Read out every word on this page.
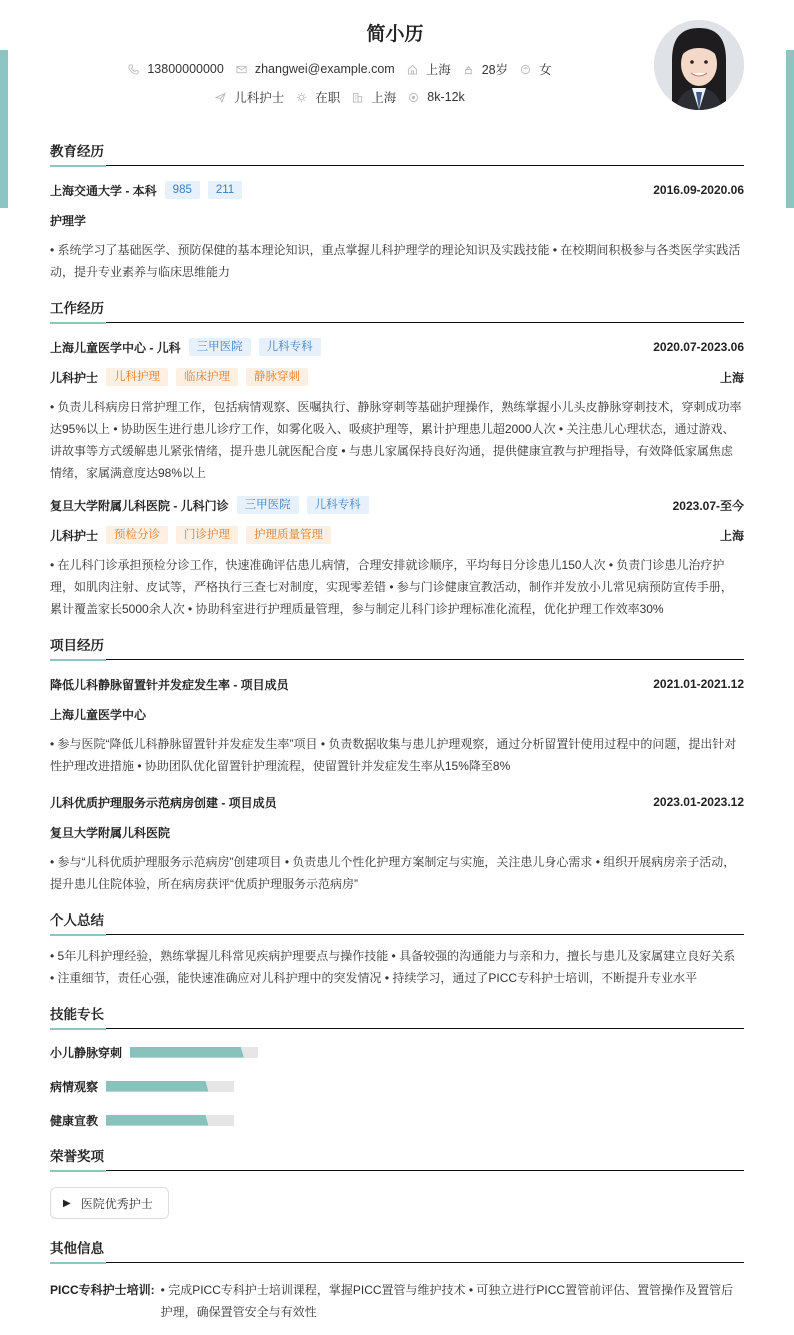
简小历
13800000000 zhangwei@example.com 上海 28岁 女
儿科护士 在职 上海 8k-12k
教育经历
上海交通大学 - 本科	985	211	2016.09-2020.06
护理学
• 系统学习了基础医学、预防保健的基本理论知识，重点掌握儿科护理学的理论知识及实践技能 • 在校期间积极参与各类医学实践活动，提升专业素养与临床思维能力
工作经历
上海儿童医学中心 - 儿科	三甲医院	儿科专科	2020.07-2023.06
儿科护士	儿科护理	临床护理	静脉穿刺	上海
• 负责儿科病房日常护理工作，包括病情观察、医嘱执行、静脉穿刺等基础护理操作，熟练掌握小儿头皮静脉穿刺技术，穿刺成功率达95%以上 • 协助医生进行患儿诊疗工作，如雾化吸入、吸痰护理等，累计护理患儿超2000人次 • 关注患儿心理状态，通过游戏、讲故事等方式缓解患儿紧张情绪，提升患儿就医配合度 • 与患儿家属保持良好沟通，提供健康宣教与护理指导，有效降低家属焦虑情绪，家属满意度达98%以上
复旦大学附属儿科医院 - 儿科门诊	三甲医院	儿科专科	2023.07-至今
儿科护士	预检分诊	门诊护理	护理质量管理	上海
• 在儿科门诊承担预检分诊工作，快速准确评估患儿病情，合理安排就诊顺序，平均每日分诊患儿150人次 • 负责门诊患儿治疗护理，如肌肉注射、皮试等，严格执行三查七对制度，实现零差错 • 参与门诊健康宣教活动，制作并发放小儿常见病预防宣传手册，累计覆盖家长5000余人次 • 协助科室进行护理质量管理，参与制定儿科门诊护理标准化流程，优化护理工作效率30%
项目经历
降低儿科静脉留置针并发症发生率 - 项目成员	2021.01-2021.12
上海儿童医学中心
• 参与医院“降低儿科静脉留置针并发症发生率”项目 • 负责数据收集与患儿护理观察，通过分析留置针使用过程中的问题，提出针对性护理改进措施 • 协助团队优化留置针护理流程，使留置针并发症发生率从15%降至8%
儿科优质护理服务示范病房创建 - 项目成员	2023.01-2023.12
复旦大学附属儿科医院
• 参与“儿科优质护理服务示范病房”创建项目 • 负责患儿个性化护理方案制定与实施，关注患儿身心需求 • 组织开展病房亲子活动，提升患儿住院体验，所在病房获评“优质护理服务示范病房”
个人总结
• 5年儿科护理经验，熟练掌握儿科常见疾病护理要点与操作技能 • 具备较强的沟通能力与亲和力，擅长与患儿及家属建立良好关系
• 注重细节，责任心强，能快速准确应对儿科护理中的突发情况 • 持续学习，通过了PICC专科护士培训，不断提升专业水平
技能专长
小儿静脉穿刺
病情观察
健康宣教
荣誉奖项
▶ 医院优秀护士
其他信息
PICC专科护士培训: • 完成PICC专科护士培训课程，掌握PICC置管与维护技术 • 可独立进行PICC置管前评估、置管操作及置管后护理，确保置管安全与有效性
